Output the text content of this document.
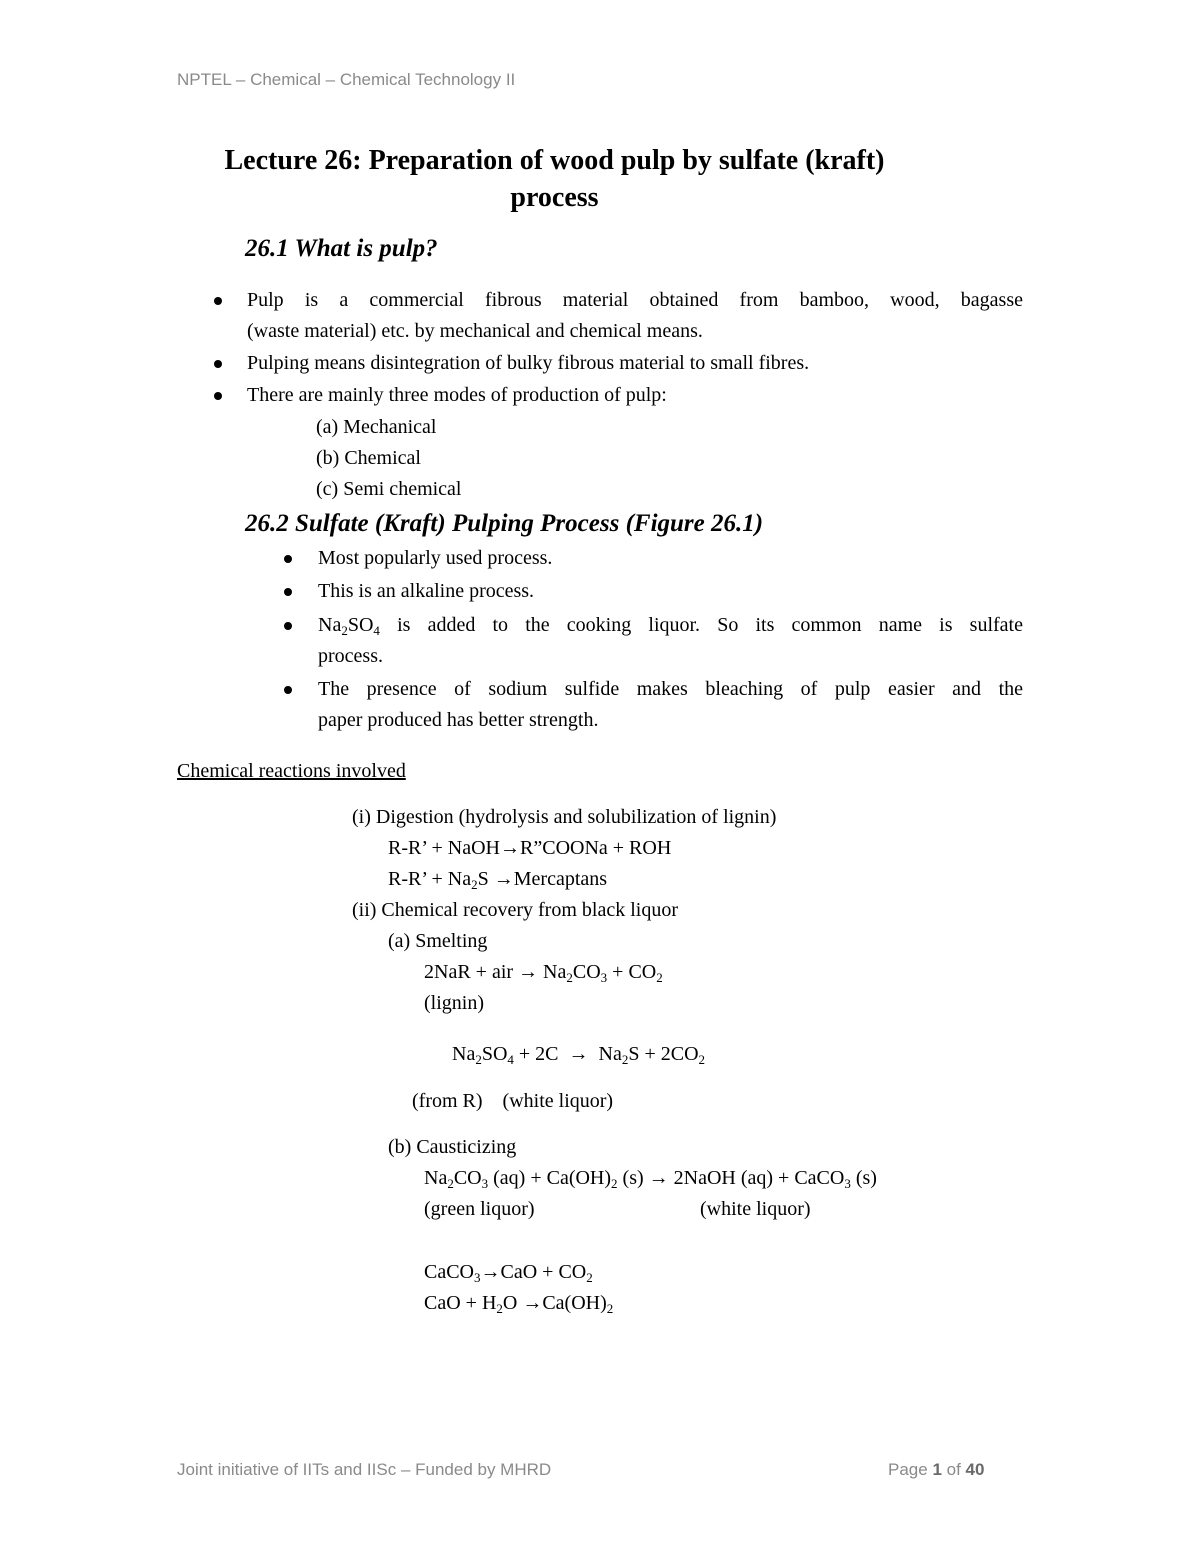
NPTEL – Chemical – Chemical Technology II
Lecture 26: Preparation of wood pulp by sulfate (kraft)
process
26.1 What is pulp?
Pulp is a commercial fibrous material obtained from bamboo, wood, bagasse
(waste material) etc. by mechanical and chemical means.
Pulping means disintegration of bulky fibrous material to small fibres.
There are mainly three modes of production of pulp:
(a) Mechanical
(b) Chemical
(c) Semi chemical
26.2 Sulfate (Kraft) Pulping Process (Figure 26.1)
Most popularly used process.
This is an alkaline process.
$Na_2SO_4$ is added to the cooking liquor. So its common name is sulfate
process.
The presence of sodium sulfide makes bleaching of pulp easier and the
paper produced has better strength.
Chemical reactions involved
(i) Digestion (hydrolysis and solubilization of lignin)
R-R’ + NaOH→R”COONa + ROH
R-R’ + $Na_2S$ →Mercaptans
(ii) Chemical recovery from black liquor
(a) Smelting
2NaR + air → $Na_2CO_3 + CO_2$
(lignin)
$Na_2SO_4 + 2C \to Na_2S + 2CO_2$
(from R)    (white liquor)
(b) Causticizing
$Na_2CO_3$ $(aq) + Ca(OH)_2$ (s) → 2NaOH (aq) + CaCO$_3$ (s)
(green liquor)	(white liquor)
CaCO$_3$→CaO + $CO_2$
CaO + $H_2O \to Ca(OH)_2$
Joint initiative of IITs and IISc – Funded by MHRD	Page 1 of 40
